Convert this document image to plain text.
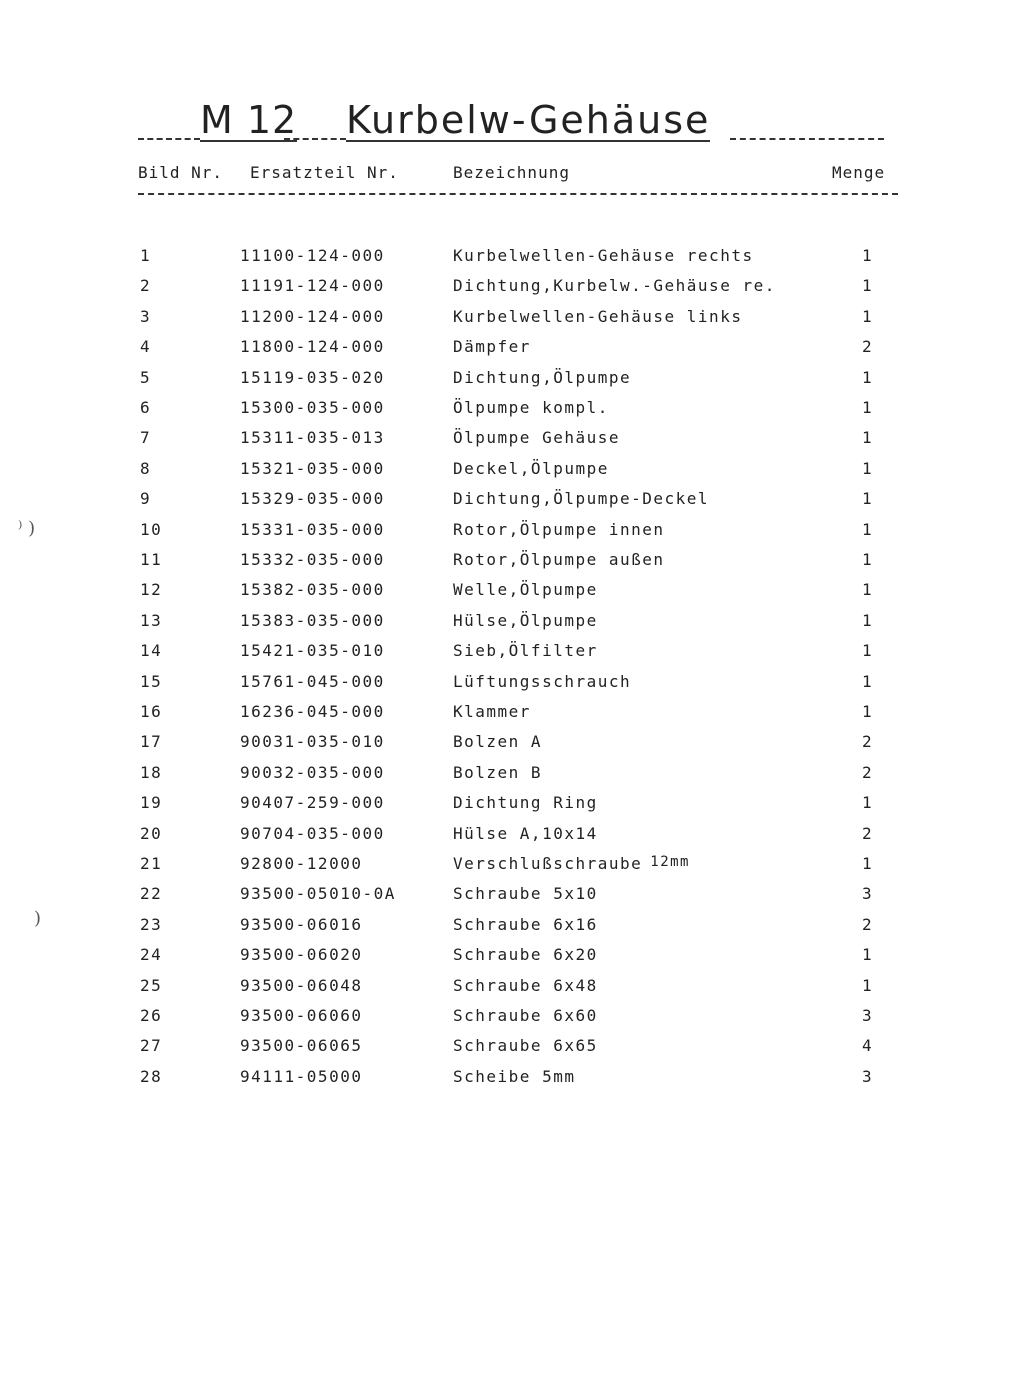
M 12 Kurbelw-Gehäuse
Bild Nr. Ersatzteil Nr.	Bezeichnung	Menge
1	11100-124-000	Kurbelwellen-Gehäuse rechts	1
2	11191-124-000	Dichtung,Kurbelw.-Gehäuse re.	1
3	11200-124-000	Kurbelwellen-Gehäuse links	1
4	11800-124-000	Dämpfer	2
5	15119-035-020	Dichtung,Ölpumpe	1
6	15300-035-000	Ölpumpe kompl.	1
7	15311-035-013	Ölpumpe Gehäuse	1
8	15321-035-000	Deckel,Ölpumpe	1
9	15329-035-000	Dichtung,Ölpumpe-Deckel	1
10	15331-035-000	Rotor,Ölpumpe innen	1
11	15332-035-000	Rotor,Ölpumpe außen	1
12	15382-035-000	Welle,Ölpumpe	1
13	15383-035-000	Hülse,Ölpumpe	1
14	15421-035-010	Sieb,Ölfilter	1
15	15761-045-000	Lüftungsschrauch	1
16	16236-045-000	Klammer	1
17	90031-035-010	Bolzen A	2
18	90032-035-000	Bolzen B	2
19	90407-259-000	Dichtung Ring	1
20	90704-035-000	Hülse A,10x14	2
21	92800-12000	Verschlußschraube 12mm	1
22	93500-05010-0A	Schraube 5x10	3
23	93500-06016	Schraube 6x16	2
24	93500-06020	Schraube 6x20	1
25	93500-06048	Schraube 6x48	1
26	93500-06060	Schraube 6x60	3
27	93500-06065	Schraube 6x65	4
28	94111-05000	Scheibe 5mm	3
⁾ )
)
